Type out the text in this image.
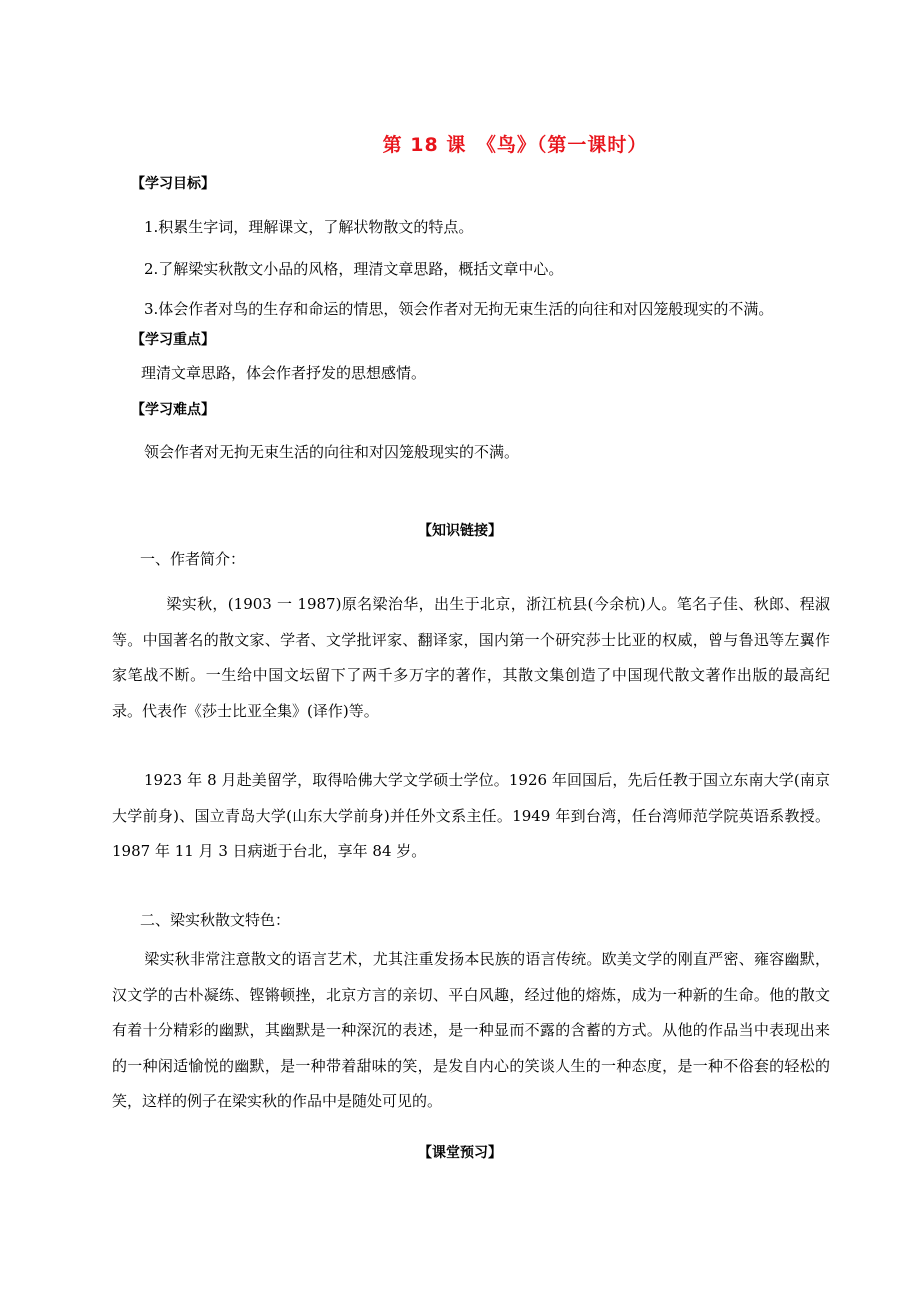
第 18 课　《鸟》（第一课时）
【学习目标】
1.积累生字词，理解课文，了解状物散文的特点。
2.了解梁实秋散文小品的风格，理清文章思路，概括文章中心。
3.体会作者对鸟的生存和命运的情思，领会作者对无拘无束生活的向往和对囚笼般现实的不满。
【学习重点】
理清文章思路，体会作者抒发的思想感情。
【学习难点】
领会作者对无拘无束生活的向往和对囚笼般现实的不满。
【知识链接】
一、作者简介：

梁实秋，(1903 一 1987)原名梁治华，出生于北京，浙江杭县(今余杭)人。笔名子佳、秋郎、程淑等。中国著名的散文家、学者、文学批评家、翻译家，国内第一个研究莎士比亚的权威，曾与鲁迅等左翼作家笔战不断。一生给中国文坛留下了两千多万字的著作，其散文集创造了中国现代散文著作出版的最高纪录。代表作《莎士比亚全集》(译作)等。

1923 年 8 月赴美留学，取得哈佛大学文学硕士学位。1926 年回国后，先后任教于国立东南大学(南京大学前身)、国立青岛大学(山东大学前身)并任外文系主任。1949 年到台湾，任台湾师范学院英语系教授。1987 年 11 月 3 日病逝于台北，享年 84 岁。

二、梁实秋散文特色：

梁实秋非常注意散文的语言艺术，尤其注重发扬本民族的语言传统。欧美文学的刚直严密、雍容幽默，汉文学的古朴凝练、铿锵顿挫，北京方言的亲切、平白风趣，经过他的熔炼，成为一种新的生命。他的散文有着十分精彩的幽默，其幽默是一种深沉的表述，是一种显而不露的含蓄的方式。从他的作品当中表现出来的一种闲适愉悦的幽默，是一种带着甜味的笑，是发自内心的笑谈人生的一种态度，是一种不俗套的轻松的笑，这样的例子在梁实秋的作品中是随处可见的。

【课堂预习】
